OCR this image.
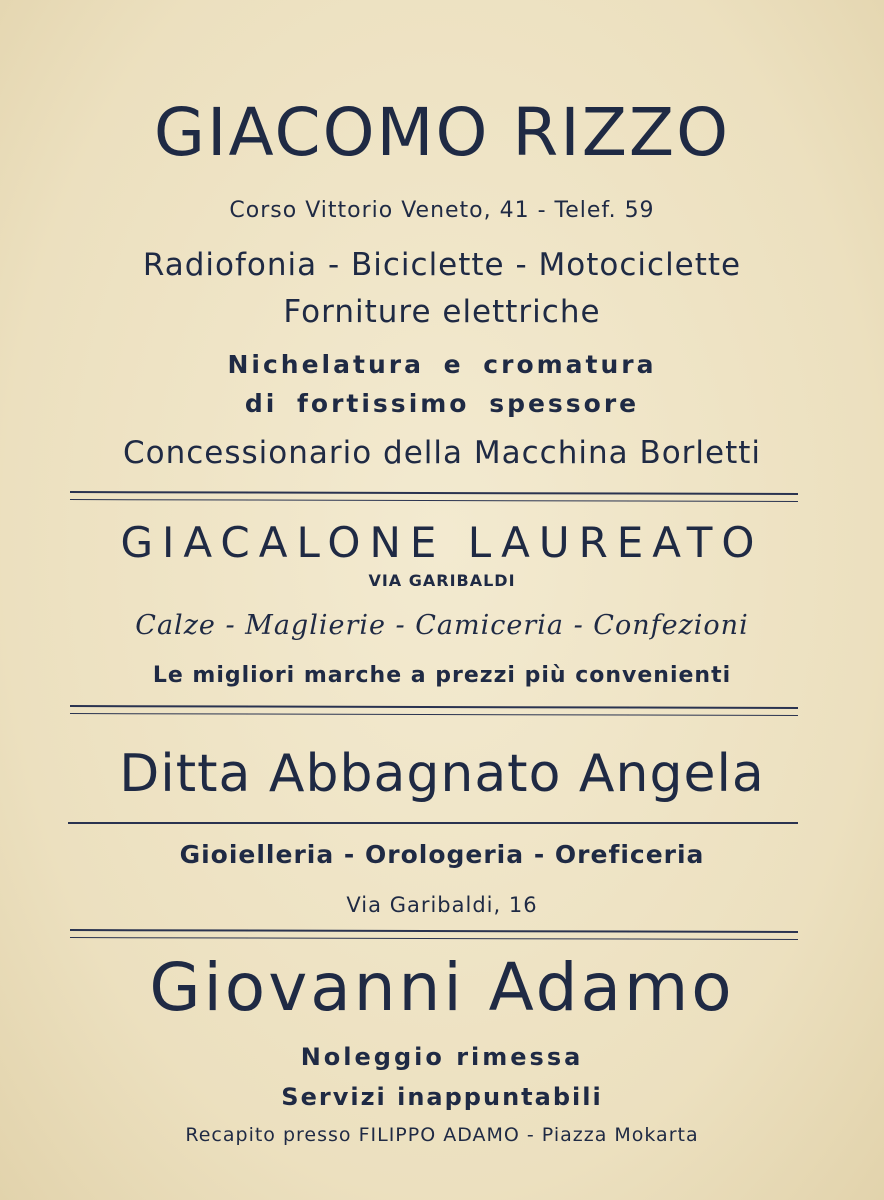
GIACOMO RIZZO
Corso Vittorio Veneto, 41 - Telef. 59
Radiofonia - Biciclette - Motociclette
Forniture elettriche
Nichelatura e cromatura
di fortissimo spessore
Concessionario della Macchina Borletti
GIACALONE LAUREATO
VIA GARIBALDI
Calze - Maglierie - Camiceria - Confezioni
Le migliori marche a prezzi più convenienti
Ditta Abbagnato Angela
Gioielleria - Orologeria - Oreficeria
Via Garibaldi, 16
Giovanni Adamo
Noleggio rimessa
Servizi inappuntabili
Recapito presso FILIPPO ADAMO - Piazza Mokarta
